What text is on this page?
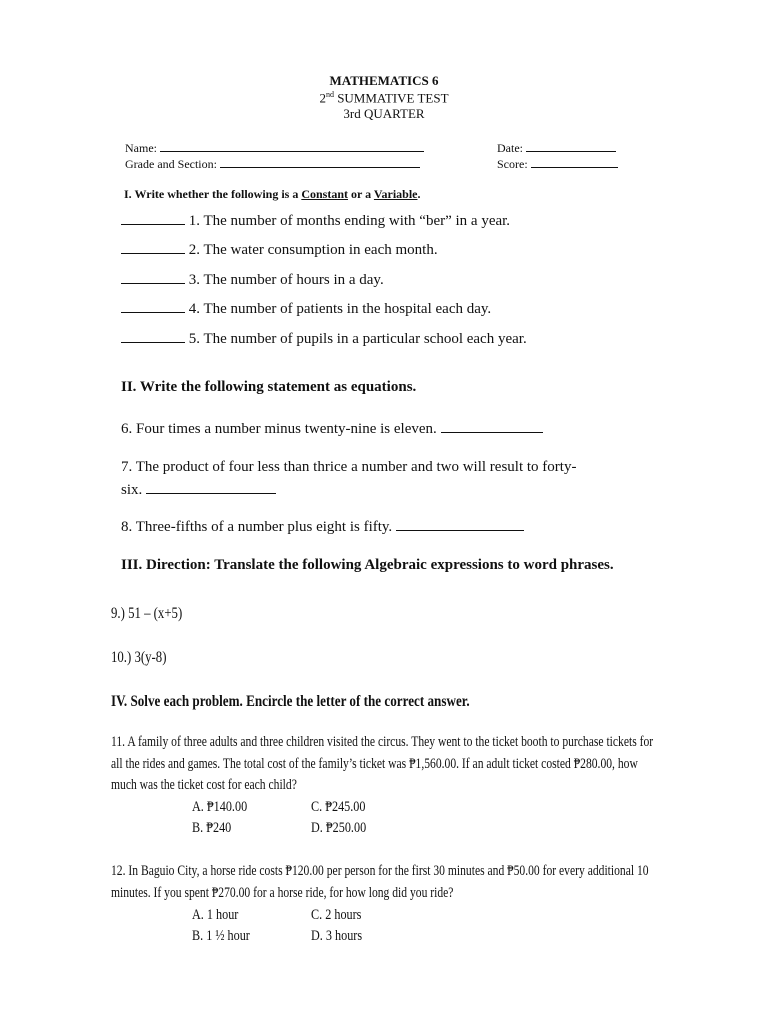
MATHEMATICS 6
2nd SUMMATIVE TEST
3rd QUARTER
Name:	Date:
Grade and Section:	Score:
I. Write whether the following is a Constant or a Variable.
1. The number of months ending with “ber” in a year.
2. The water consumption in each month.
3. The number of hours in a day.
4. The number of patients in the hospital each day.
5. The number of pupils in a particular school each year.
II. Write the following statement as equations.
6. Four times a number minus twenty-nine is eleven.
7. The product of four less than thrice a number and two will result to forty-
six.
8. Three-fifths of a number plus eight is fifty.
III. Direction: Translate the following Algebraic expressions to word phrases.
9.) 51 – (x+5)
10.) 3(y-8)
IV. Solve each problem. Encircle the letter of the correct answer.
11. A family of three adults and three children visited the circus. They went to the ticket booth to purchase tickets for
all the rides and games. The total cost of the family’s ticket was ₱1,560.00. If an adult ticket costed ₱280.00, how
much was the ticket cost for each child?
A. ₱140.00	C. ₱245.00
B. ₱240	D. ₱250.00
12. In Baguio City, a horse ride costs ₱120.00 per person for the first 30 minutes and ₱50.00 for every additional 10
minutes. If you spent ₱270.00 for a horse ride, for how long did you ride?
A. 1 hour	C. 2 hours
B. 1 ½ hour	D. 3 hours
